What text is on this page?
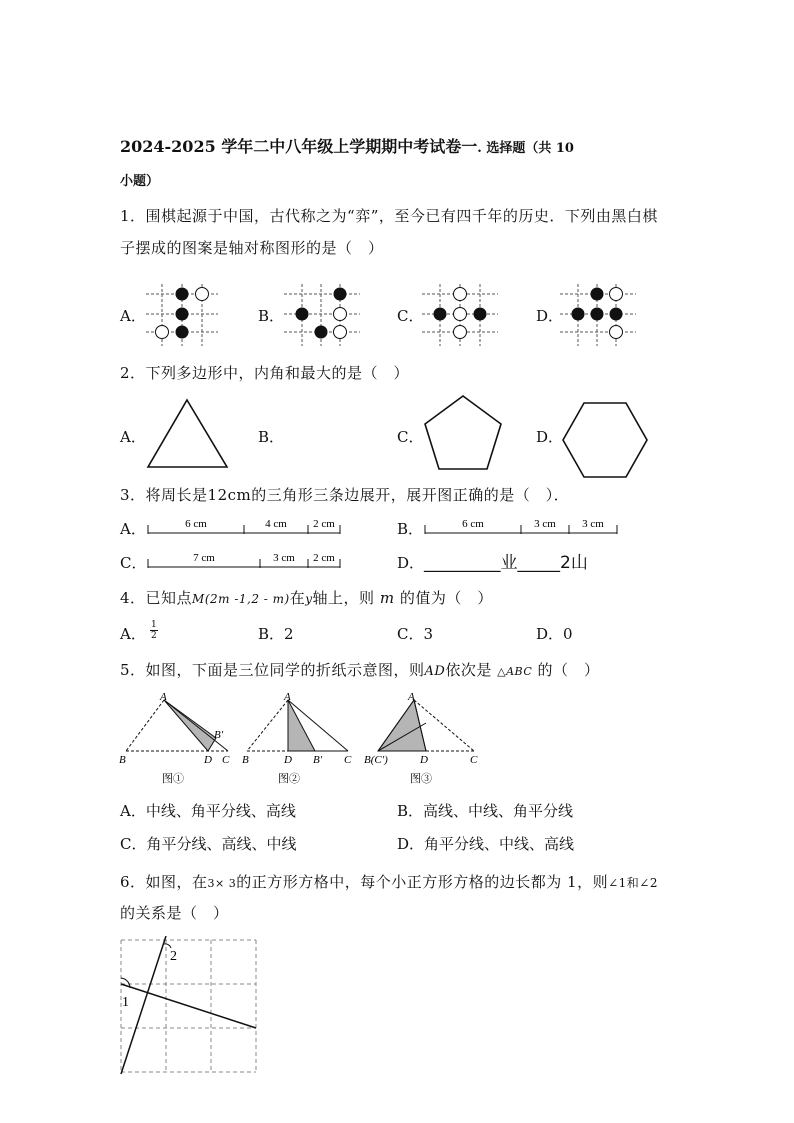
2024-2025 学年二中八年级上学期期中考试卷一. 选择题（共 10
小题）
1．围棋起源于中国，古代称之为“弈”，至今已有四千年的历史．下列由黑白棋
子摆成的图案是轴对称图形的是（　）
A．	B．	C．	D．
2．下列多边形中，内角和最大的是（　）
A．	B．	C．	D．
3．将周长是12cm的三角形三条边展开，展开图正确的是（　）．
A．	B．
C．	D．
6 cm	4 cm 2 cm	6 cm	3 cm 3 cm
7 cm	3 cm 2 cm	_________业_____2山
4．已知点M(2m -1,2 - m)在y轴上，则 m 的值为（　）
A． $\frac{1}{2}$	B．2	C．3	D．0
5．如图，下面是三位同学的折纸示意图，则AD依次是 △ABC 的（　）
A
B	D C
B′
图①
A
B	D B′ C
图②
A
B(C′)	D	C
图③
A．中线、角平分线、高线	B．高线、中线、角平分线
C．角平分线、高线、中线	D．角平分线、中线、高线
6．如图，在3× 3的正方形方格中，每个小正方形方格的边长都为 1，则∠1和∠2
的关系是（　）
2
1
